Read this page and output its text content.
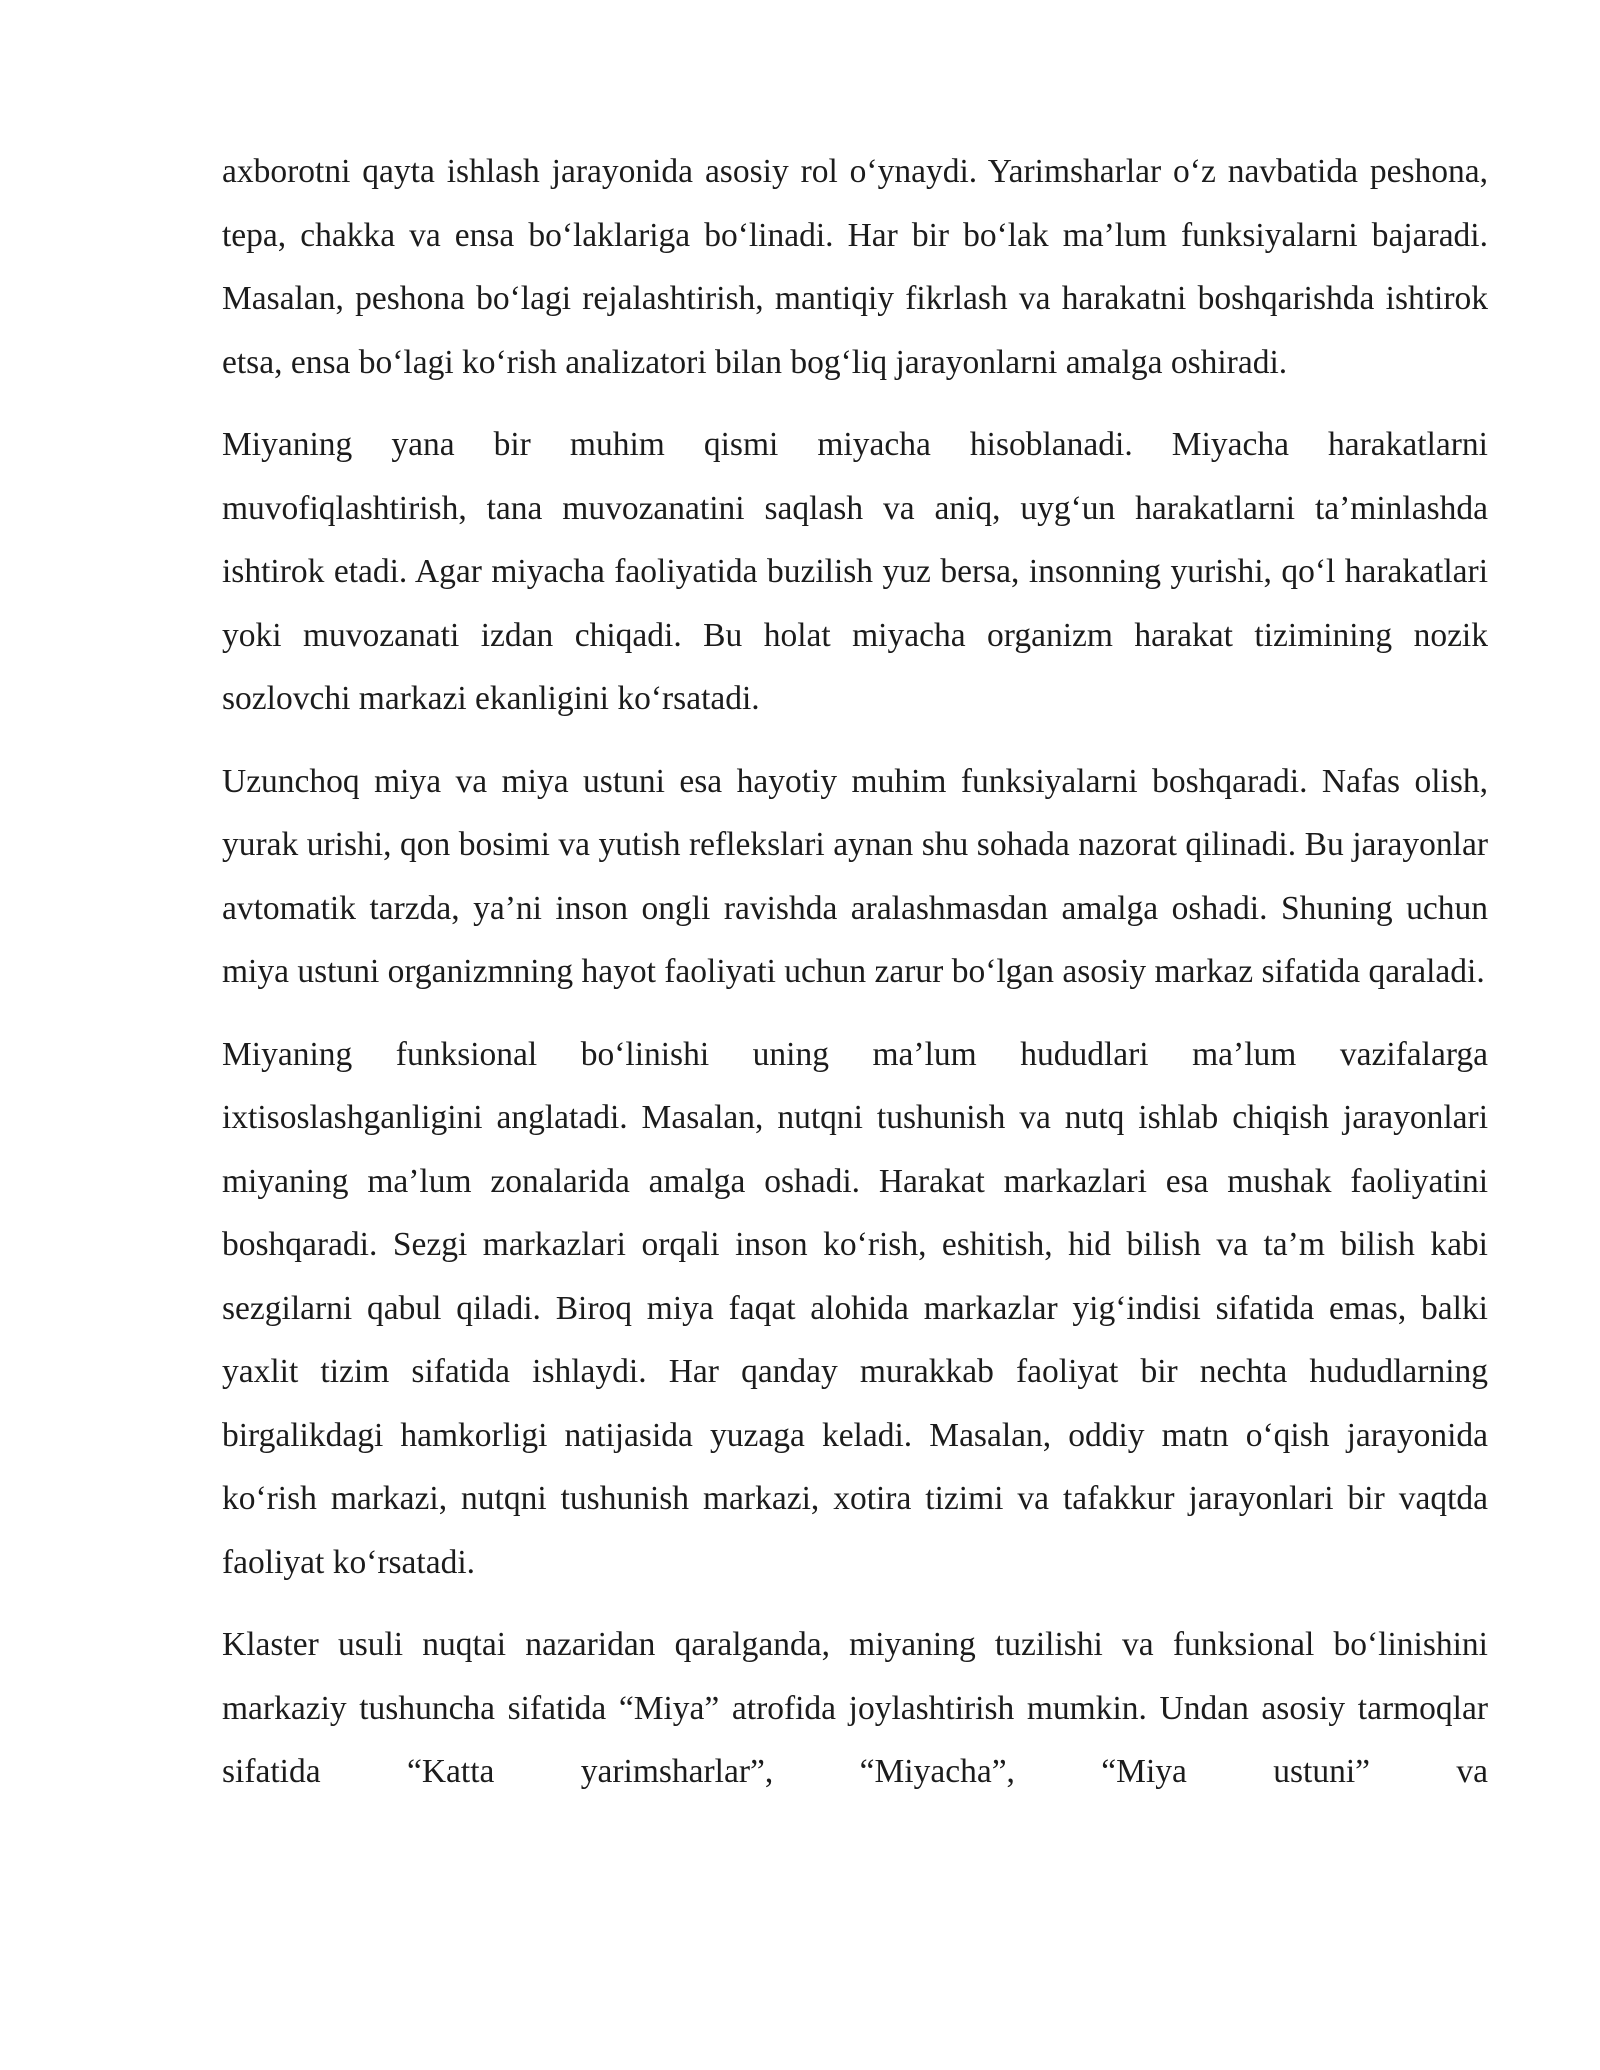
axborotni qayta ishlash jarayonida asosiy rol o‘ynaydi. Yarimsharlar o‘z navbatida peshona, tepa, chakka va ensa bo‘laklariga bo‘linadi. Har bir bo‘lak ma’lum funksiyalarni bajaradi. Masalan, peshona bo‘lagi rejalashtirish, mantiqiy fikrlash va harakatni boshqarishda ishtirok etsa, ensa bo‘lagi ko‘rish analizatori bilan bog‘liq jarayonlarni amalga oshiradi.

Miyaning yana bir muhim qismi miyacha hisoblanadi. Miyacha harakatlarni muvofiqlashtirish, tana muvozanatini saqlash va aniq, uyg‘un harakatlarni ta’minlashda ishtirok etadi. Agar miyacha faoliyatida buzilish yuz bersa, insonning yurishi, qo‘l harakatlari yoki muvozanati izdan chiqadi. Bu holat miyacha organizm harakat tizimining nozik sozlovchi markazi ekanligini ko‘rsatadi.

Uzunchoq miya va miya ustuni esa hayotiy muhim funksiyalarni boshqaradi. Nafas olish, yurak urishi, qon bosimi va yutish reflekslari aynan shu sohada nazorat qilinadi. Bu jarayonlar avtomatik tarzda, ya’ni inson ongli ravishda aralashmasdan amalga oshadi. Shuning uchun miya ustuni organizmning hayot faoliyati uchun zarur bo‘lgan asosiy markaz sifatida qaraladi.

Miyaning funksional bo‘linishi uning ma’lum hududlari ma’lum vazifalarga ixtisoslashganligini anglatadi. Masalan, nutqni tushunish va nutq ishlab chiqish jarayonlari miyaning ma’lum zonalarida amalga oshadi. Harakat markazlari esa mushak faoliyatini boshqaradi. Sezgi markazlari orqali inson ko‘rish, eshitish, hid bilish va ta’m bilish kabi sezgilarni qabul qiladi. Biroq miya faqat alohida markazlar yig‘indisi sifatida emas, balki yaxlit tizim sifatida ishlaydi. Har qanday murakkab faoliyat bir nechta hududlarning birgalikdagi hamkorligi natijasida yuzaga keladi. Masalan, oddiy matn o‘qish jarayonida ko‘rish markazi, nutqni tushunish markazi, xotira tizimi va tafakkur jarayonlari bir vaqtda faoliyat ko‘rsatadi.

Klaster usuli nuqtai nazaridan qaralganda, miyaning tuzilishi va funksional bo‘linishini markaziy tushuncha sifatida “Miya” atrofida joylashtirish mumkin. Undan asosiy tarmoqlar sifatida “Katta yarimsharlar”, “Miyacha”, “Miya ustuni” va
